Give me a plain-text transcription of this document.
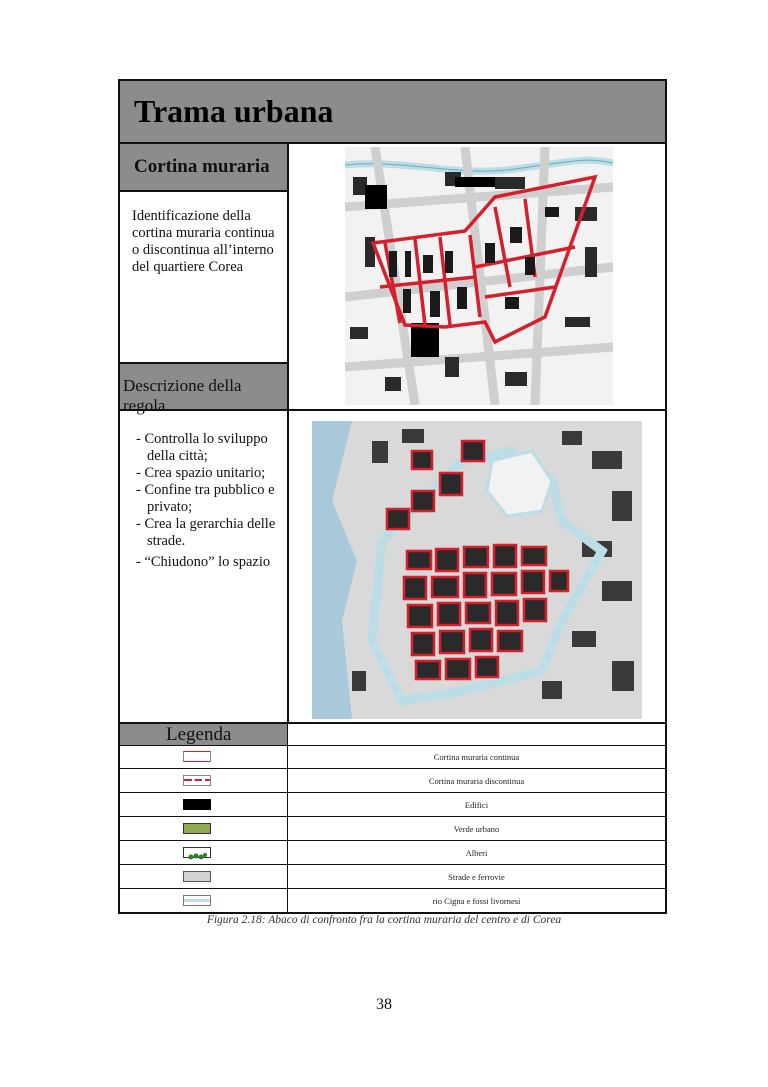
Trama urbana
Cortina muraria
Identificazione della cortina muraria continua o discontinua all’interno del quartiere Corea
Descrizione della regola
- Controlla lo sviluppo della città;
- Crea spazio unitario;
- Confine tra pubblico e privato;
- Crea la gerarchia delle strade.
- “Chiudono” lo spazio
Legenda
Cortina muraria continua
Cortina muraria discontinua
Edifici
Verde urbano
Alberi
Strade e ferrovie
rio Cigna e fossi livornesi
Figura 2.18: Abaco di confronto fra la cortina muraria del centro e di Corea
38
